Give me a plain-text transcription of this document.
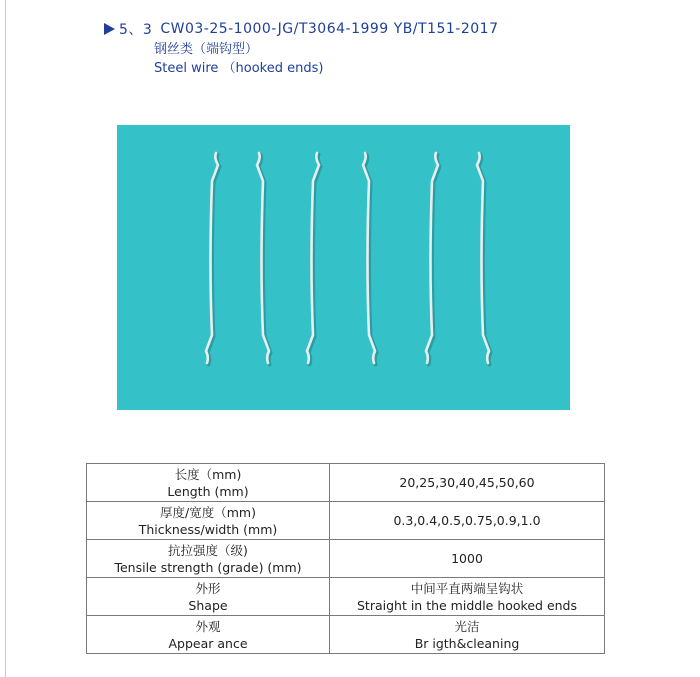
5、3 CW03-25-1000-JG/T3064-1999 YB/T151-2017
钢丝类（端钩型）
Steel wire （hooked ends)
长度（mm)
Length (mm)	20,25,30,40,45,50,60

厚度/宽度（mm)
Thickness/width (mm)	0.3,0.4,0.5,0.75,0.9,1.0

抗拉强度（级)
Tensile strength (grade) (mm)	1000

外形
Shape	中间平直两端呈钩状
Straight in the middle hooked ends

外观
Appear ance	光洁
Br igth&cleaning
